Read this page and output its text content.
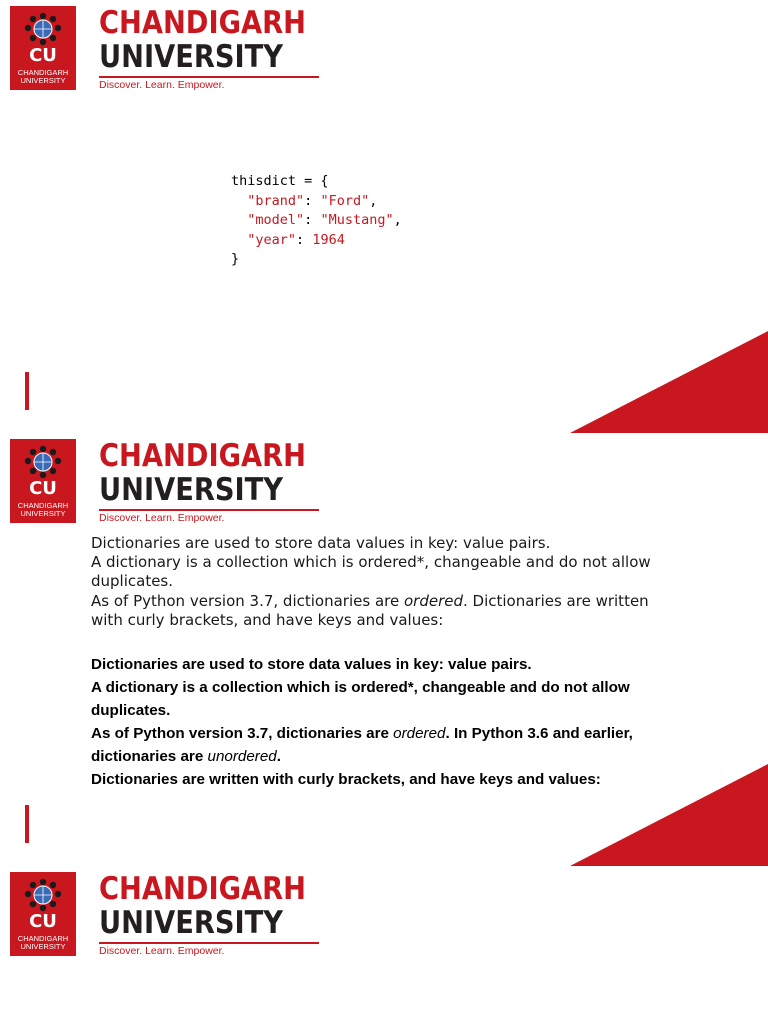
CU
CHANDIGARH
UNIVERSITY
CHANDIGARH
UNIVERSITY
Discover. Learn. Empower.
thisdict = {
"brand": "Ford",
"model": "Mustang",
"year": 1964
}
CU
CHANDIGARH
UNIVERSITY
CHANDIGARH
UNIVERSITY
Discover. Learn. Empower.
Dictionaries are used to store data values in key: value pairs.
A dictionary is a collection which is ordered*, changeable and do not allow duplicates.
As of Python version 3.7, dictionaries are ordered. Dictionaries are written with curly brackets, and have keys and values:
Dictionaries are used to store data values in key: value pairs.
A dictionary is a collection which is ordered*, changeable and do not allow duplicates.
As of Python version 3.7, dictionaries are ordered. In Python 3.6 and earlier, dictionaries are unordered.
Dictionaries are written with curly brackets, and have keys and values:
CU
CHANDIGARH
UNIVERSITY
CHANDIGARH
UNIVERSITY
Discover. Learn. Empower.
